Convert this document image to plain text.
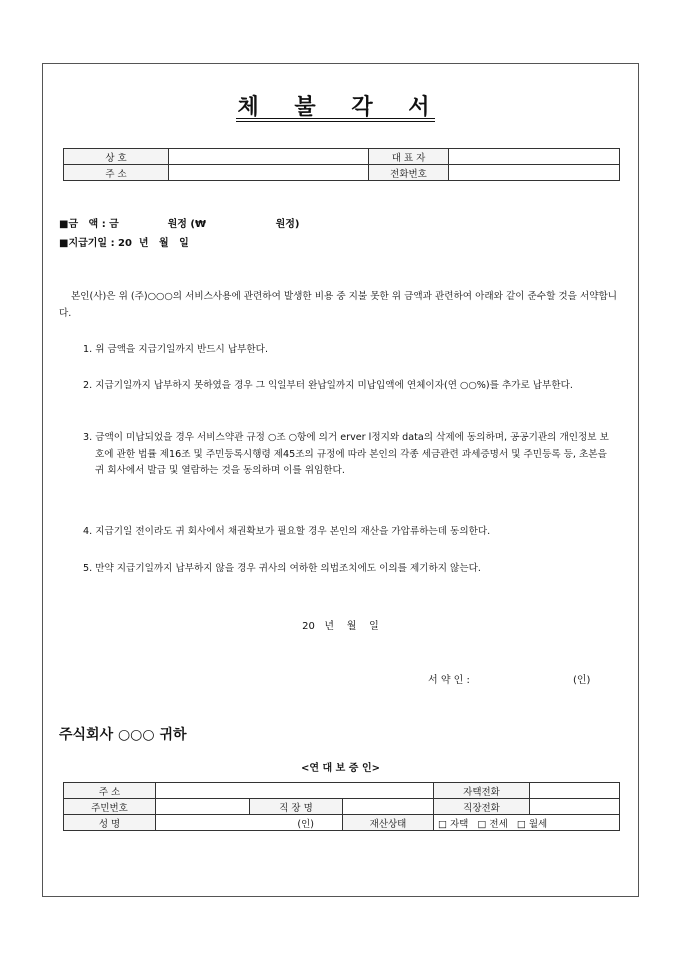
체 불 각 서
상 호		대 표 자	
주 소		전화번호	
■금   액 : 금              원정 (₩                    원정)
■지급기일 : 20  년   월   일
본인(사)은 위 (주)○○○의 서비스사용에 관련하여 발생한 비용 중 지불 못한 위 금액과 관련하여 아래와 같이 준수할 것을 서약합니다.
1. 위 금액을 지급기일까지 반드시 납부한다.
2. 지급기일까지 납부하지 못하였을 경우 그 익일부터 완납일까지 미납입액에 연체이자(연 ○○%)를 추가로 납부한다.
3. 금액이 미납되었을 경우 서비스약관 규정 ○조 ○항에 의거 erver l정지와 data의 삭제에 동의하며, 공공기관의 개인정보 보호에 관한 법률 제16조 및 주민등록시행령 제45조의 규정에 따라 본인의 각종 세금관련 과세증명서 및 주민등록 등, 초본을 귀 회사에서 발급 및 열람하는 것을 동의하며 이를 위임한다.
4. 지급기일 전이라도 귀 회사에서 채권확보가 필요할 경우 본인의 재산을 가압류하는데 동의한다.
5. 만약 지급기일까지 납부하지 않을 경우 귀사의 여하한 의법조치에도 이의를 제기하지 않는다.
20   년    월    일
서 약 인 :	(인)
주식회사 ○○○ 귀하
<연 대 보 증 인>
주 소				자택전화	
주민번호		직 장 명		직장전화	
성 명	(인)		재산상태	□ 자택   □ 전세   □ 월세	
